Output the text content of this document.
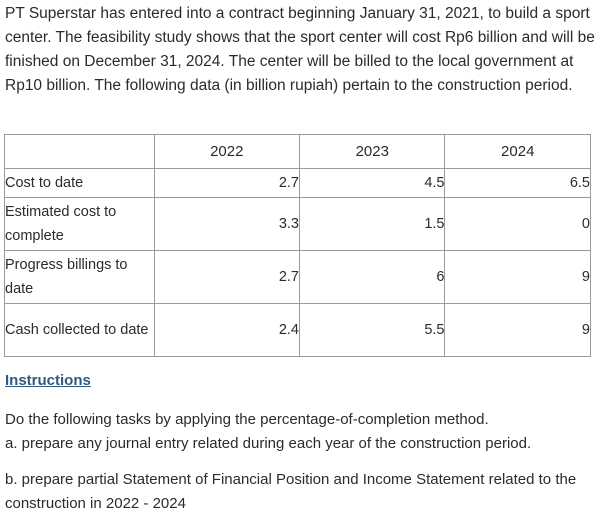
PT Superstar has entered into a contract beginning January 31, 2021, to build a sport center. The feasibility study shows that the sport center will cost Rp6 billion and will be finished on December 31, 2024. The center will be billed to the local government at Rp10 billion. The following data (in billion rupiah) pertain to the construction period.

	2022	2023	2024
Cost to date	2.7	4.5	6.5
Estimated cost to complete	3.3	1.5	0
Progress billings to date	2.7	6	9
Cash collected to date	2.4	5.5	9

Instructions

Do the following tasks by applying the percentage-of-completion method.

a. prepare any journal entry related during each year of the construction period.

b. prepare partial Statement of Financial Position and Income Statement related to the construction in 2022 - 2024
